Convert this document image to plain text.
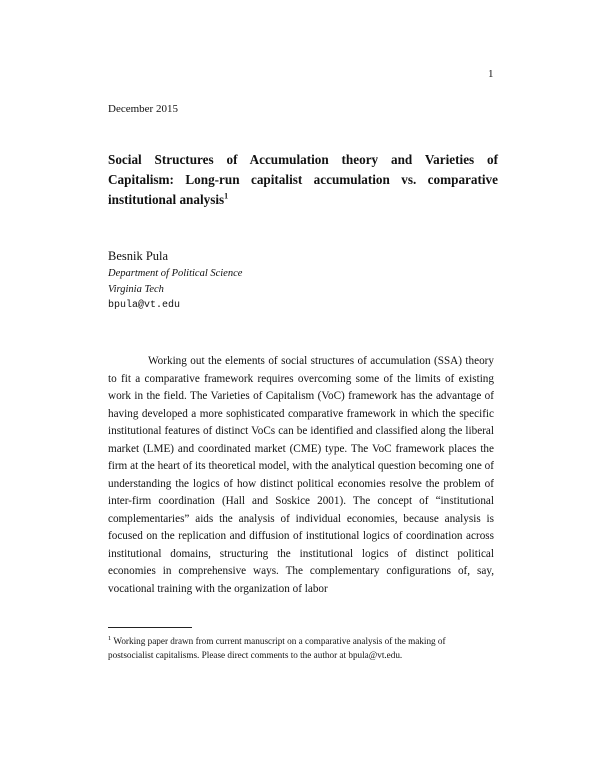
1
December 2015
Social Structures of Accumulation theory and Varieties of Capitalism: Long-run capitalist accumulation vs. comparative institutional analysis$^1$
Besnik Pula
Department of Political Science
Virginia Tech
bpula@vt.edu

Working out the elements of social structures of accumulation (SSA) theory to fit a comparative framework requires overcoming some of the limits of existing work in the field. The Varieties of Capitalism (VoC) framework has the advantage of having developed a more sophisticated comparative framework in which the specific institutional features of distinct VoCs can be identified and classified along the liberal market (LME) and coordinated market (CME) type. The VoC framework places the firm at the heart of its theoretical model, with the analytical question becoming one of understanding the logics of how distinct political economies resolve the problem of inter-firm coordination (Hall and Soskice 2001). The concept of “institutional complementaries” aids the analysis of individual economies, because analysis is focused on the replication and diffusion of institutional logics of coordination across institutional domains, structuring the institutional logics of distinct political economies in comprehensive ways. The complementary configurations of, say, vocational training with the organization of labor

$^1$ Working paper drawn from current manuscript on a comparative analysis of the making of postsocialist capitalisms. Please direct comments to the author at bpula@vt.edu.
